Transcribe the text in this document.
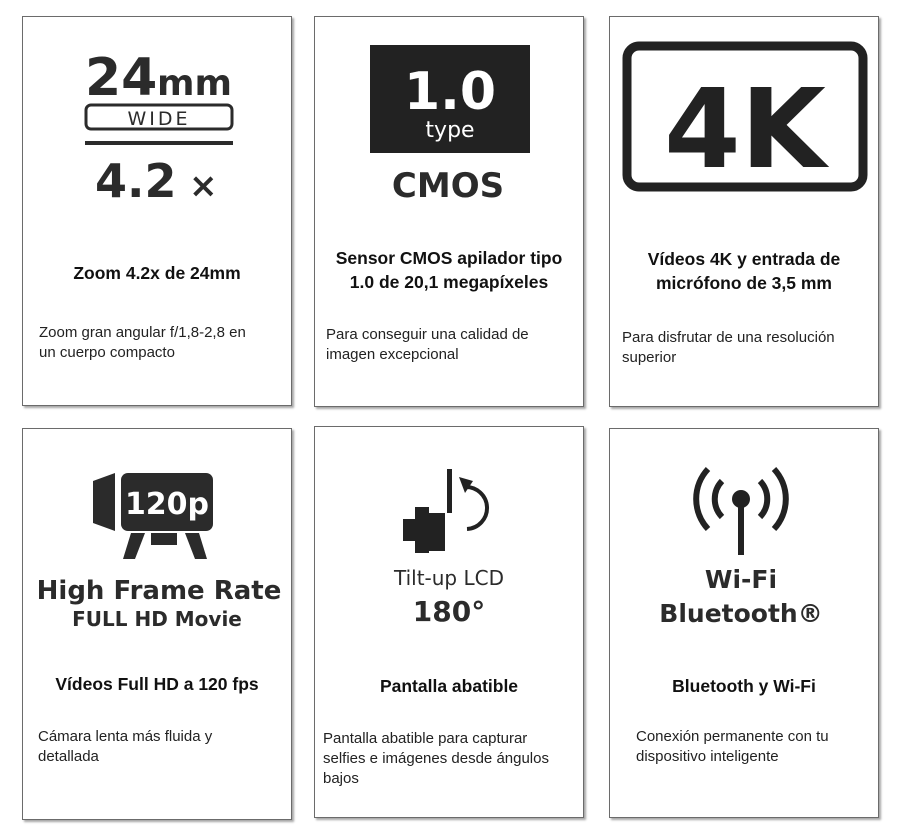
24 mm
WIDE
4.2 ×
Zoom 4.2x de 24mm
Zoom gran angular f/1,8-2,8 en
un cuerpo compacto
1.0
type
CMOS
Sensor CMOS apilador tipo
1.0 de 20,1 megapíxeles
Para conseguir una calidad de
imagen excepcional
4K
Vídeos 4K y entrada de
micrófono de 3,5 mm
Para disfrutar de una resolución
superior
120p
High Frame Rate
FULL HD Movie
Vídeos Full HD a 120 fps
Cámara lenta más fluida y
detallada
Tilt-up LCD
180°
Pantalla abatible
Pantalla abatible para capturar
selfies e imágenes desde ángulos
bajos
Wi-Fi
Bluetooth®
Bluetooth y Wi-Fi
Conexión permanente con tu
dispositivo inteligente
